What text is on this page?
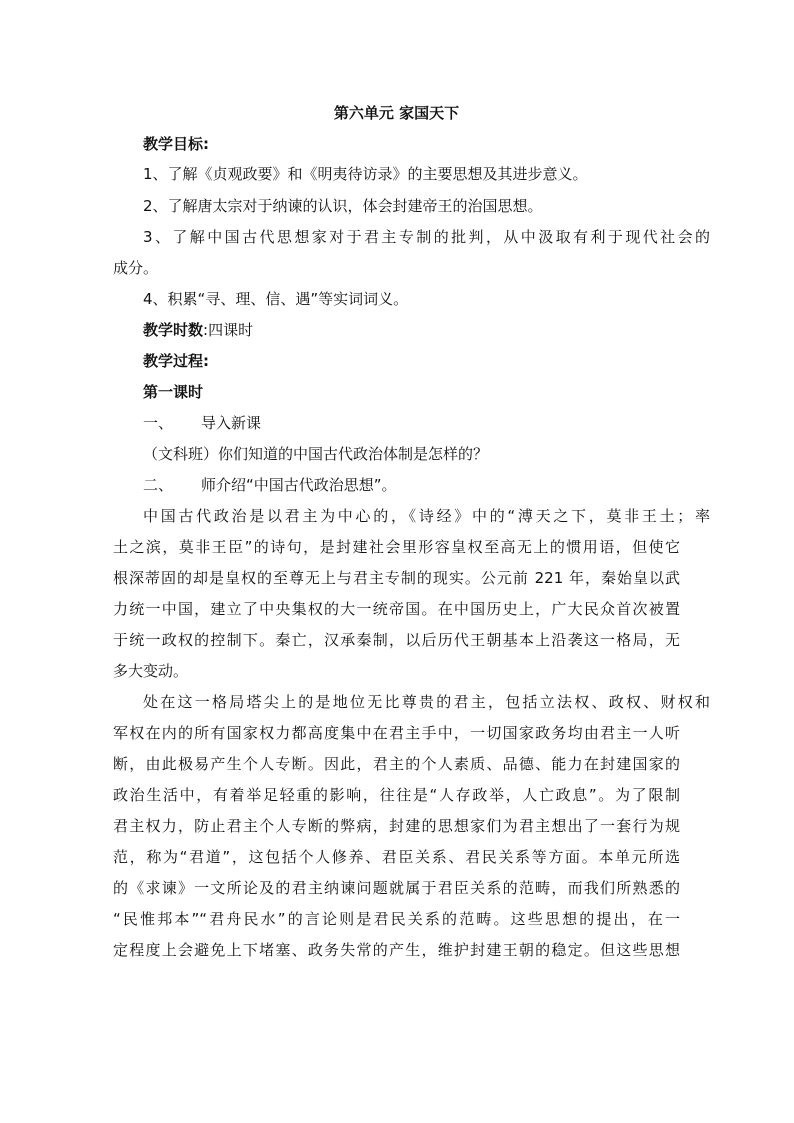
第六单元 家国天下
教学目标:
1、了解《贞观政要》和《明夷待访录》的主要思想及其进步意义。
2、了解唐太宗对于纳谏的认识，体会封建帝王的治国思想。
3、了解中国古代思想家对于君主专制的批判，从中汲取有利于现代社会的
成分。
4、积累“寻、理、信、遇”等实词词义。
教学时数:四课时
教学过程:
第一课时
一、 导入新课
（文科班）你们知道的中国古代政治体制是怎样的？
二、 师介绍“中国古代政治思想”。
中国古代政治是以君主为中心的，《诗经》中的“溥天之下，莫非王土；率
土之滨，莫非王臣”的诗句，是封建社会里形容皇权至高无上的惯用语，但使它
根深蒂固的却是皇权的至尊无上与君主专制的现实。公元前 221 年，秦始皇以武
力统一中国，建立了中央集权的大一统帝国。在中国历史上，广大民众首次被置
于统一政权的控制下。秦亡，汉承秦制，以后历代王朝基本上沿袭这一格局，无
多大变动。
处在这一格局塔尖上的是地位无比尊贵的君主，包括立法权、政权、财权和
军权在内的所有国家权力都高度集中在君主手中，一切国家政务均由君主一人听
断，由此极易产生个人专断。因此，君主的个人素质、品德、能力在封建国家的
政治生活中，有着举足轻重的影响，往往是“人存政举，人亡政息”。为了限制
君主权力，防止君主个人专断的弊病，封建的思想家们为君主想出了一套行为规
范，称为“君道”，这包括个人修养、君臣关系、君民关系等方面。本单元所选
的《求谏》一文所论及的君主纳谏问题就属于君臣关系的范畴，而我们所熟悉的
“民惟邦本”“君舟民水”的言论则是君民关系的范畴。这些思想的提出，在一
定程度上会避免上下堵塞、政务失常的产生，维护封建王朝的稳定。但这些思想
